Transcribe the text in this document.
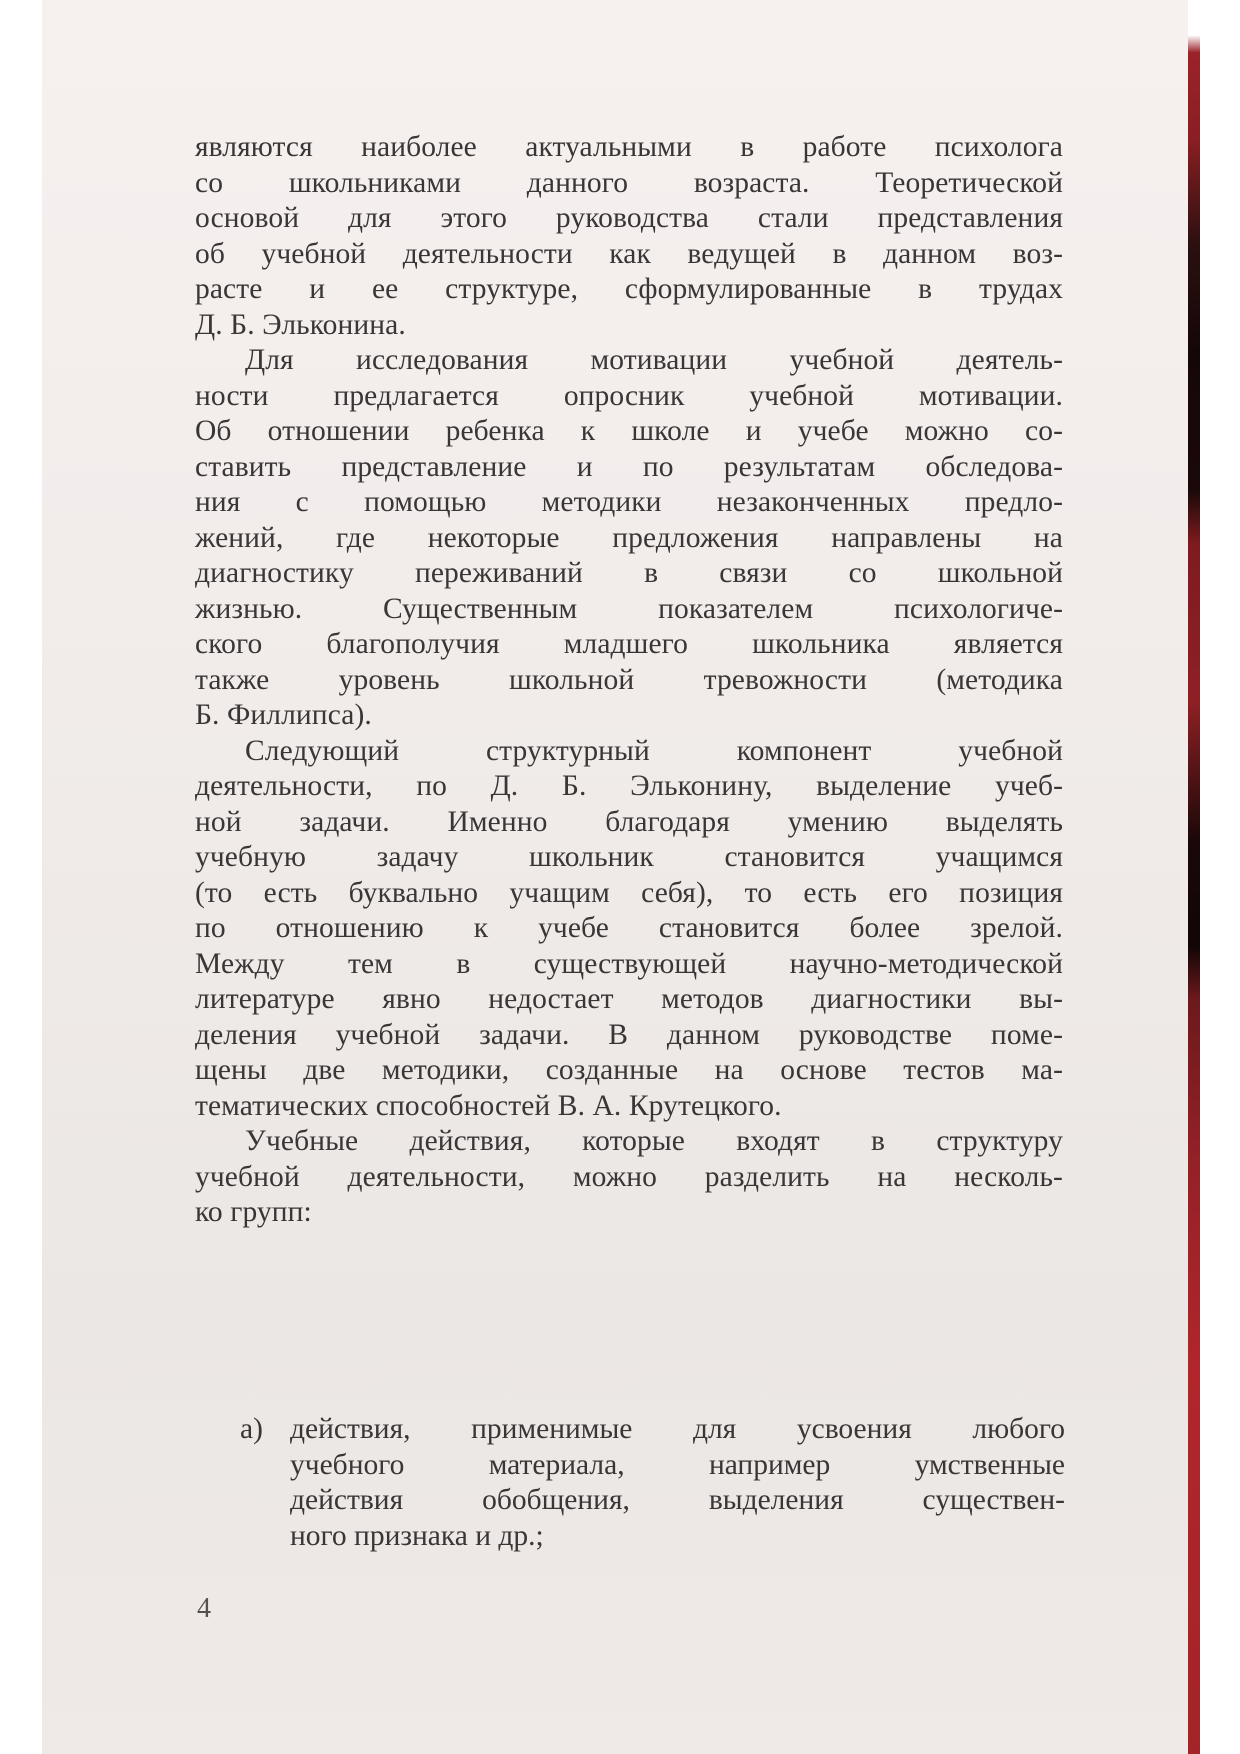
являются наиболее актуальными в работе психолога
со школьниками данного возраста. Теоретической
основой для этого руководства стали представления
об учебной деятельности как ведущей в данном воз-
расте и ее структуре, сформулированные в трудах
Д. Б. Эльконина.
Для исследования мотивации учебной деятель-
ности предлагается опросник учебной мотивации.
Об отношении ребенка к школе и учебе можно со-
ставить представление и по результатам обследова-
ния с помощью методики незаконченных предло-
жений, где некоторые предложения направлены на
диагностику переживаний в связи со школьной
жизнью. Существенным показателем психологиче-
ского благополучия младшего школьника является
также уровень школьной тревожности (методика
Б. Филлипса).
Следующий структурный компонент учебной
деятельности, по Д. Б. Эльконину, выделение учеб-
ной задачи. Именно благодаря умению выделять
учебную задачу школьник становится учащимся
(то есть буквально учащим себя), то есть его позиция
по отношению к учебе становится более зрелой.
Между тем в существующей научно-методической
литературе явно недостает методов диагностики вы-
деления учебной задачи. В данном руководстве поме-
щены две методики, созданные на основе тестов ма-
тематических способностей В. А. Крутецкого.
Учебные действия, которые входят в структуру
учебной деятельности, можно разделить на несколь-
ко групп:
а) действия, применимые для усвоения любого
учебного материала, например умственные
действия обобщения, выделения существен-
ного признака и др.;
4
